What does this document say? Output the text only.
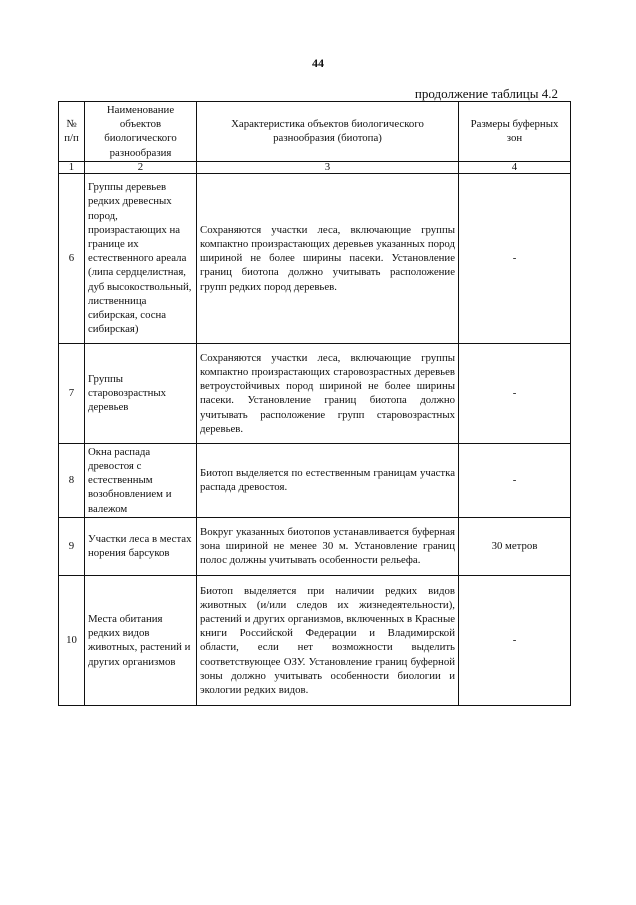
44
продолжение таблицы 4.2
№ п/п	Наименование объектов биологического разнообразия	Характеристика объектов биологического разнообразия (биотопа)	Размеры буферных зон
1	2	3	4
6	Группы деревьев редких древесных пород, произрастающих на границе их естественного ареала (липа сердцелистная, дуб высокоствольный, лиственница сибирская, сосна сибирская)	Сохраняются участки леса, включающие группы компактно произрастающих деревьев указанных пород шириной не более ширины пасеки. Установление границ биотопа должно учитывать расположение групп редких пород деревьев.	-
7	Группы старовозрастных деревьев	Сохраняются участки леса, включающие группы компактно произрастающих старовозрастных деревьев ветроустойчивых пород шириной не более ширины пасеки. Установление границ биотопа должно учитывать расположение групп старовозрастных деревьев.	-
8	Окна распада древостоя с естественным возобновлением и валежом	Биотоп выделяется по естественным границам участка распада древостоя.	-
9	Участки леса в местах норения барсуков	Вокруг указанных биотопов устанавливается буферная зона шириной не менее 30 м. Установление границ полос должны учитывать особенности рельефа.	30 метров
10	Места обитания редких видов животных, растений и других организмов	Биотоп выделяется при наличии редких видов животных (и/или следов их жизнедеятельности), растений и других организмов, включенных в Красные книги Российской Федерации и Владимирской области, если нет возможности выделить соответствующее ОЗУ. Установление границ буферной зоны должно учитывать особенности биологии и экологии редких видов.	-
